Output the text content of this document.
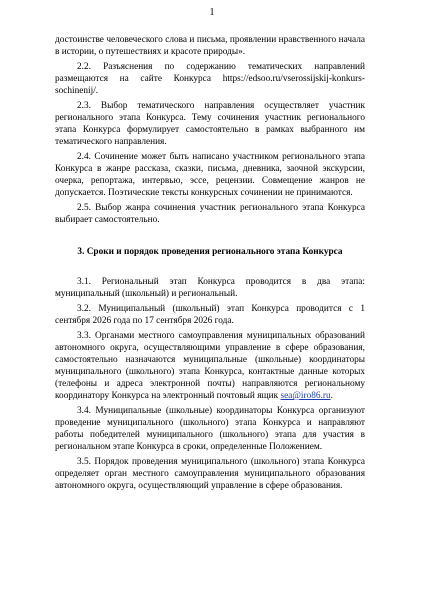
1

достоинстве человеческого слова и письма, проявлении нравственного начала в истории, о путешествиях и красоте природы».

2.2. Разъяснения по содержанию тематических направлений размещаются на сайте Конкурса https://edsoo.ru/vserossijskij-konkurs-sochinenij/.

2.3. Выбор тематического направления осуществляет участник регионального этапа Конкурса. Тему сочинения участник регионального этапа Конкурса формулирует самостоятельно в рамках выбранного им тематического направления.

2.4. Сочинение может быть написано участником регионального этапа Конкурса в жанре рассказа, сказки, письма, дневника, заочной экскурсии, очерка, репортажа, интервью, эссе, рецензии. Совмещение жанров не допускается. Поэтические тексты конкурсных сочинении не принимаются.

2.5. Выбор жанра сочинения участник регионального этапа Конкурса выбирает самостоятельно.

3. Сроки и порядок проведения регионального этапа Конкурса

3.1. Региональный этап Конкурса проводится в два этапа: муниципальный (школьный) и региональный.

3.2. Муниципальный (школьный) этап Конкурса проводится с 1 сентября 2026 года по 17 сентября 2026 года.

3.3. Органами местного самоуправления муниципальных образований автономного округа, осуществляющими управление в сфере образования, самостоятельно назначаются муниципальные (школьные) координаторы муниципального (школьного) этапа Конкурса, контактные данные которых (телефоны и адреса электронной почты) направляются региональному координатору Конкурса на электронный почтовый ящик sea@iro86.ru.

3.4. Муниципальные (школьные) координаторы Конкурса организуют проведение муниципального (школьного) этапа Конкурса и направляют работы победителей муниципального (школьного) этапа для участия в региональном этапе Конкурса в сроки, определенные Положением.

3.5. Порядок проведения муниципального (школьного) этапа Конкурса определяет орган местного самоуправления муниципального образования автономного округа, осуществляющий управление в сфере образования.
